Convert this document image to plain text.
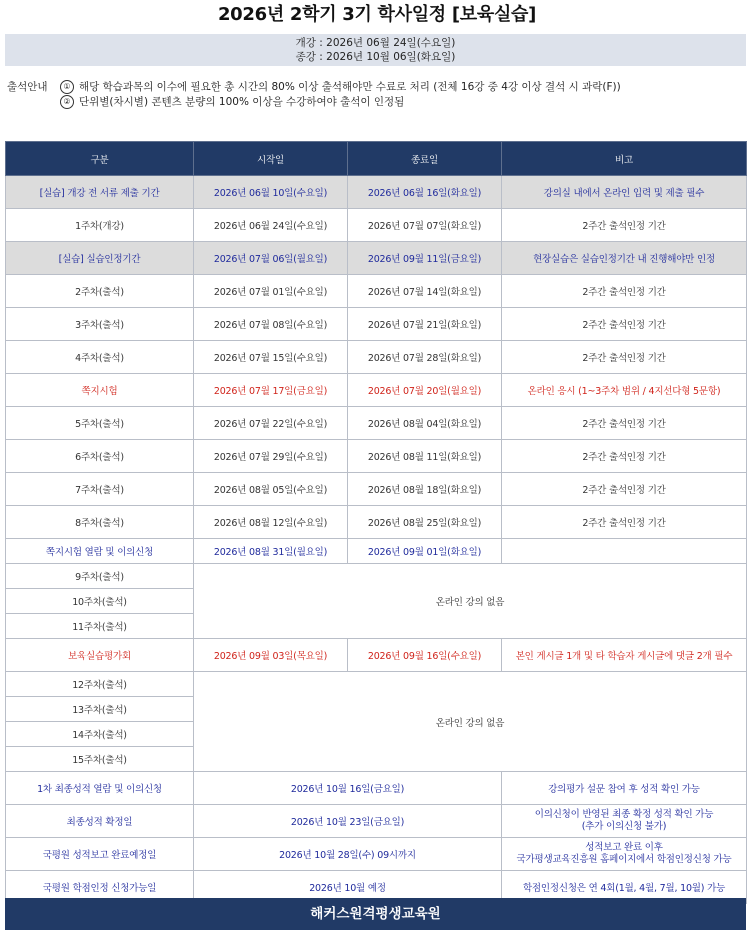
2026년 2학기 3기 학사일정 [보육실습]
개강 : 2026년 06월 24일(수요일)
종강 : 2026년 10월 06일(화요일)
출석안내	① 해당 학습과목의 이수에 필요한 총 시간의 80% 이상 출석해야만 수료로 처리 (전체 16강 중 4강 이상 결석 시 과락(F))
② 단위별(차시별) 콘텐츠 분량의 100% 이상을 수강하여야 출석이 인정됨
구분	시작일	종료일	비고
[실습] 개강 전 서류 제출 기간	2026년 06월 10일(수요일)	2026년 06월 16일(화요일)	강의실 내에서 온라인 입력 및 제출 필수
1주차(개강)	2026년 06월 24일(수요일)	2026년 07월 07일(화요일)	2주간 출석인정 기간
[실습] 실습인정기간	2026년 07월 06일(월요일)	2026년 09월 11일(금요일)	현장실습은 실습인정기간 내 진행해야만 인정
2주차(출석)	2026년 07월 01일(수요일)	2026년 07월 14일(화요일)	2주간 출석인정 기간
3주차(출석)	2026년 07월 08일(수요일)	2026년 07월 21일(화요일)	2주간 출석인정 기간
4주차(출석)	2026년 07월 15일(수요일)	2026년 07월 28일(화요일)	2주간 출석인정 기간
쪽지시험	2026년 07월 17일(금요일)	2026년 07월 20일(월요일)	온라인 응시 (1~3주차 범위 / 4지선다형 5문항)
5주차(출석)	2026년 07월 22일(수요일)	2026년 08월 04일(화요일)	2주간 출석인정 기간
6주차(출석)	2026년 07월 29일(수요일)	2026년 08월 11일(화요일)	2주간 출석인정 기간
7주차(출석)	2026년 08월 05일(수요일)	2026년 08월 18일(화요일)	2주간 출석인정 기간
8주차(출석)	2026년 08월 12일(수요일)	2026년 08월 25일(화요일)	2주간 출석인정 기간
쪽지시험 열람 및 이의신청	2026년 08월 31일(월요일)	2026년 09월 01일(화요일)	
9주차(출석)	온라인 강의 없음		
10주차(출석)			
11주차(출석)			
보육실습평가회	2026년 09월 03일(목요일)	2026년 09월 16일(수요일)	본인 게시글 1개 및 타 학습자 게시글에 댓글 2개 필수
12주차(출석)	온라인 강의 없음		
13주차(출석)			
14주차(출석)			
15주차(출석)			
1차 최종성적 열람 및 이의신청	2026년 10월 16일(금요일)		강의평가 설문 참여 후 성적 확인 가능
최종성적 확정일	2026년 10월 23일(금요일)		이의신청이 반영된 최종 확정 성적 확인 가능
(추가 이의신청 불가)
국평원 성적보고 완료예정일	2026년 10월 28일(수) 09시까지		성적보고 완료 이후
국가평생교육진흥원 홈페이지에서 학점인정신청 가능
국평원 학점인정 신청가능일	2026년 10월 예정		학점인정신청은 연 4회(1월, 4월, 7월, 10월) 가능
해커스원격평생교육원
